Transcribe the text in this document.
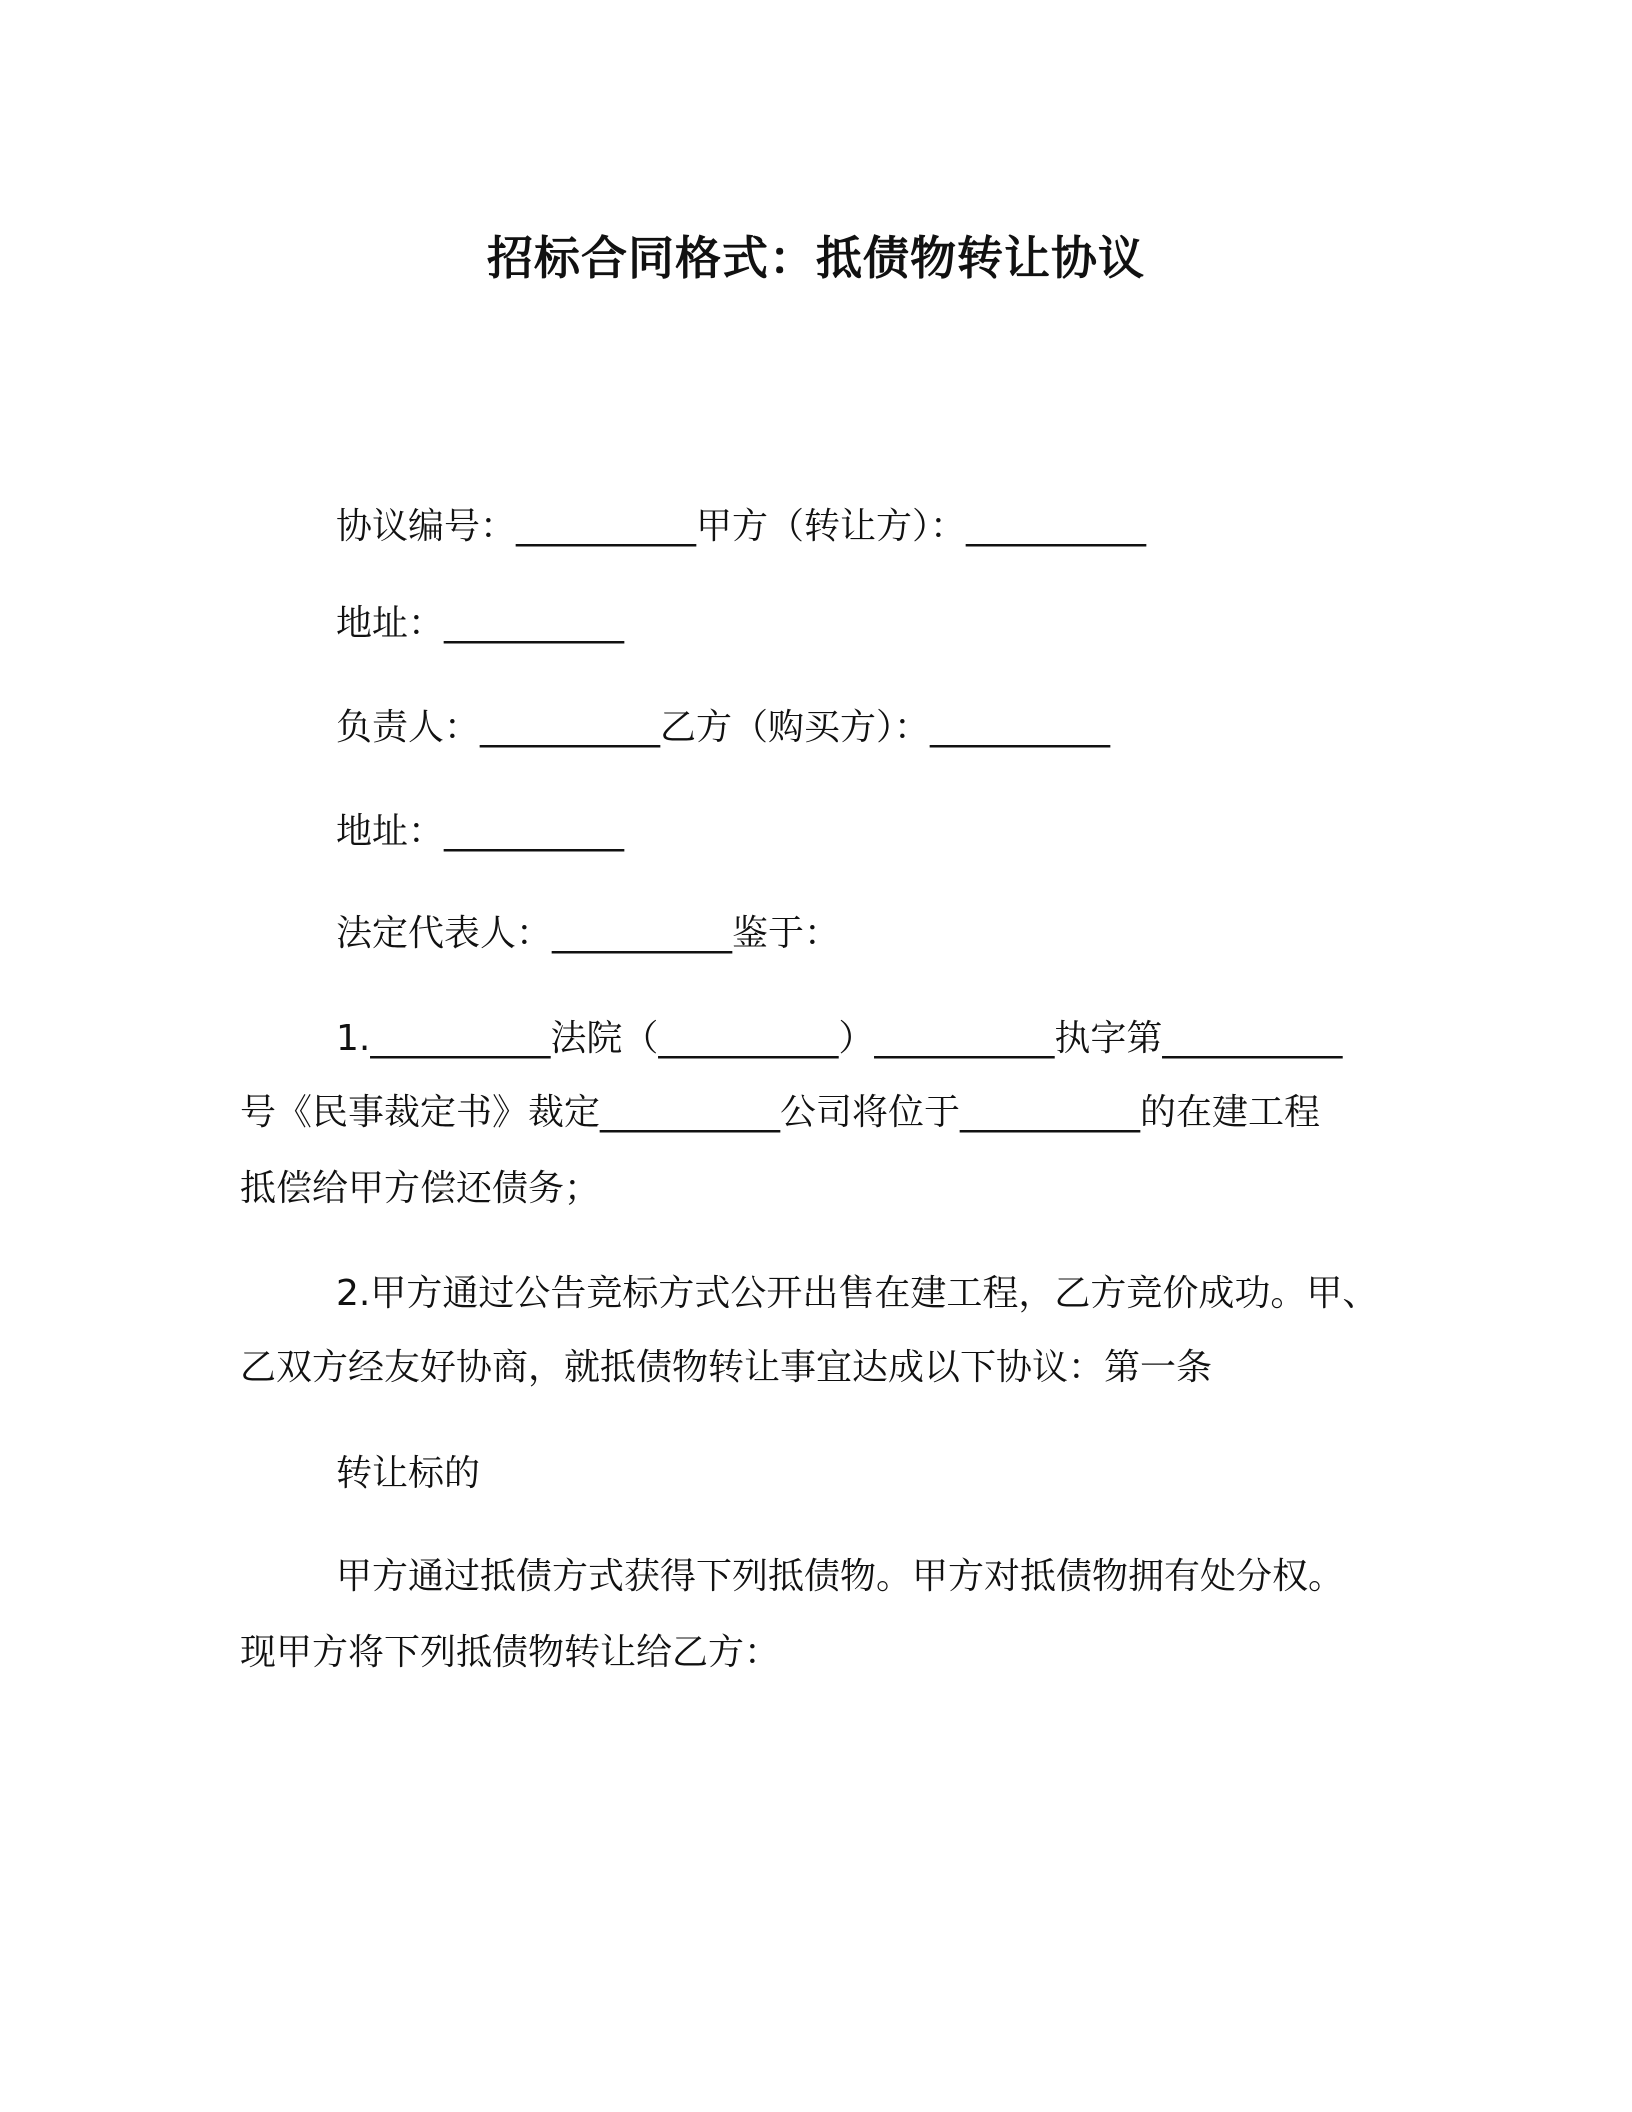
招标合同格式：抵债物转让协议
协议编号：__________甲方（转让方）：__________
地址：__________
负责人：__________乙方（购买方）：__________
地址：__________
法定代表人：__________鉴于：
1.__________法院（__________）__________执字第__________
号《民事裁定书》裁定__________公司将位于__________的在建工程
抵偿给甲方偿还债务；
2.甲方通过公告竞标方式公开出售在建工程，乙方竞价成功。甲、
乙双方经友好协商，就抵债物转让事宜达成以下协议：第一条
转让标的
甲方通过抵债方式获得下列抵债物。甲方对抵债物拥有处分权。
现甲方将下列抵债物转让给乙方：
